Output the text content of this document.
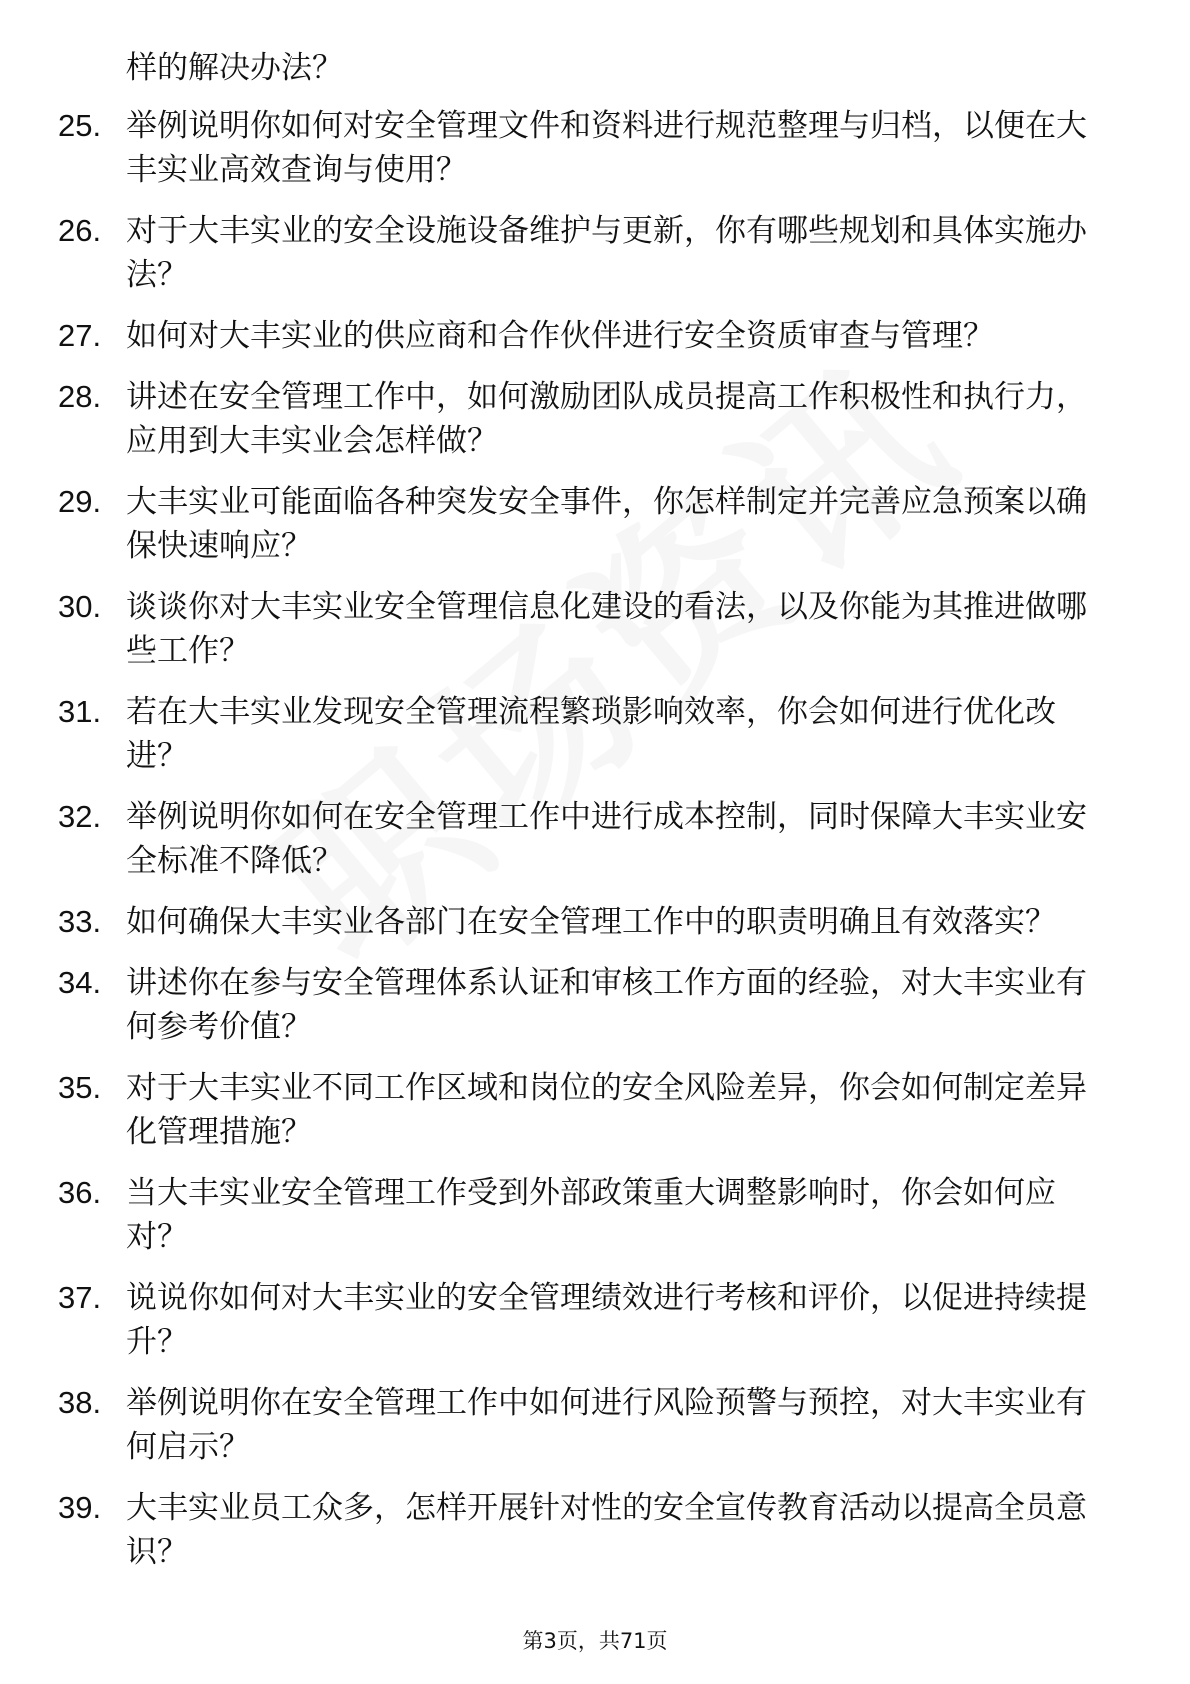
样的解决办法？
25. 举例说明你如何对安全管理文件和资料进行规范整理与归档，以便在大丰实业高效查询与使用？
26. 对于大丰实业的安全设施设备维护与更新，你有哪些规划和具体实施办法？
27. 如何对大丰实业的供应商和合作伙伴进行安全资质审查与管理？
28. 讲述在安全管理工作中，如何激励团队成员提高工作积极性和执行力，应用到大丰实业会怎样做？
29. 大丰实业可能面临各种突发安全事件，你怎样制定并完善应急预案以确保快速响应？
30. 谈谈你对大丰实业安全管理信息化建设的看法，以及你能为其推进做哪些工作？
31. 若在大丰实业发现安全管理流程繁琐影响效率，你会如何进行优化改进？
32. 举例说明你如何在安全管理工作中进行成本控制，同时保障大丰实业安全标准不降低？
33. 如何确保大丰实业各部门在安全管理工作中的职责明确且有效落实？
34. 讲述你在参与安全管理体系认证和审核工作方面的经验，对大丰实业有何参考价值？
35. 对于大丰实业不同工作区域和岗位的安全风险差异，你会如何制定差异化管理措施？
36. 当大丰实业安全管理工作受到外部政策重大调整影响时，你会如何应对？
37. 说说你如何对大丰实业的安全管理绩效进行考核和评价，以促进持续提升？
38. 举例说明你在安全管理工作中如何进行风险预警与预控，对大丰实业有何启示？
39. 大丰实业员工众多，怎样开展针对性的安全宣传教育活动以提高全员意识？
第3页，共71页
